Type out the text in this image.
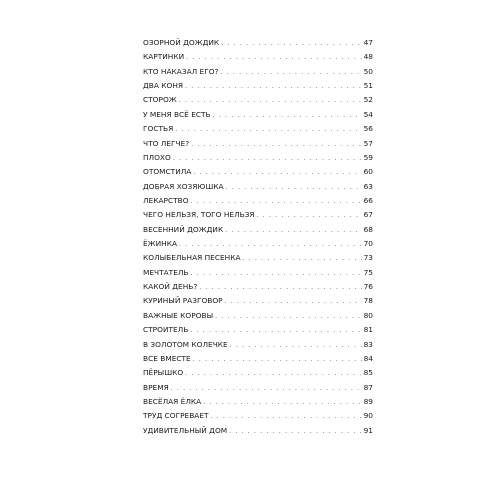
ОЗОРНОЙ ДОЖДИК . . .	47
КАРТИНКИ . . .	48
КТО НАКАЗАЛ ЕГО? . . .	50
ДВА КОНЯ . . .	51
СТОРОЖ . . .	52
У МЕНЯ ВСЁ ЕСТЬ . . .	54
ГОСТЬЯ . . .	56
ЧТО ЛЕГЧЕ? . . .	57
ПЛОХО . . .	59
ОТОМСТИЛА . . .	60
ДОБРАЯ ХОЗЯЮШКА . . .	63
ЛЕКАРСТВО . . .	66
ЧЕГО НЕЛЬЗЯ, ТОГО НЕЛЬЗЯ . . .	67
ВЕСЕННИЙ ДОЖДИК . . .	68
ЁЖИНКА . . .	70
КОЛЫБЕЛЬНАЯ ПЕСЕНКА . . .	73
МЕЧТАТЕЛЬ . . .	75
КАКОЙ ДЕНЬ? . . .	76
КУРИНЫЙ РАЗГОВОР . . .	78
ВАЖНЫЕ КОРОВЫ . . .	80
СТРОИТЕЛЬ . . .	81
В ЗОЛОТОМ КОЛЕЧКЕ . . .	83
ВСЕ ВМЕСТЕ . . .	84
ПЁРЫШКО . . .	85
ВРЕМЯ . . .	87
ВЕСЁЛАЯ ЁЛКА . . .	89
ТРУД СОГРЕВАЕТ . . .	90
УДИВИТЕЛЬНЫЙ ДОМ . . .	91
